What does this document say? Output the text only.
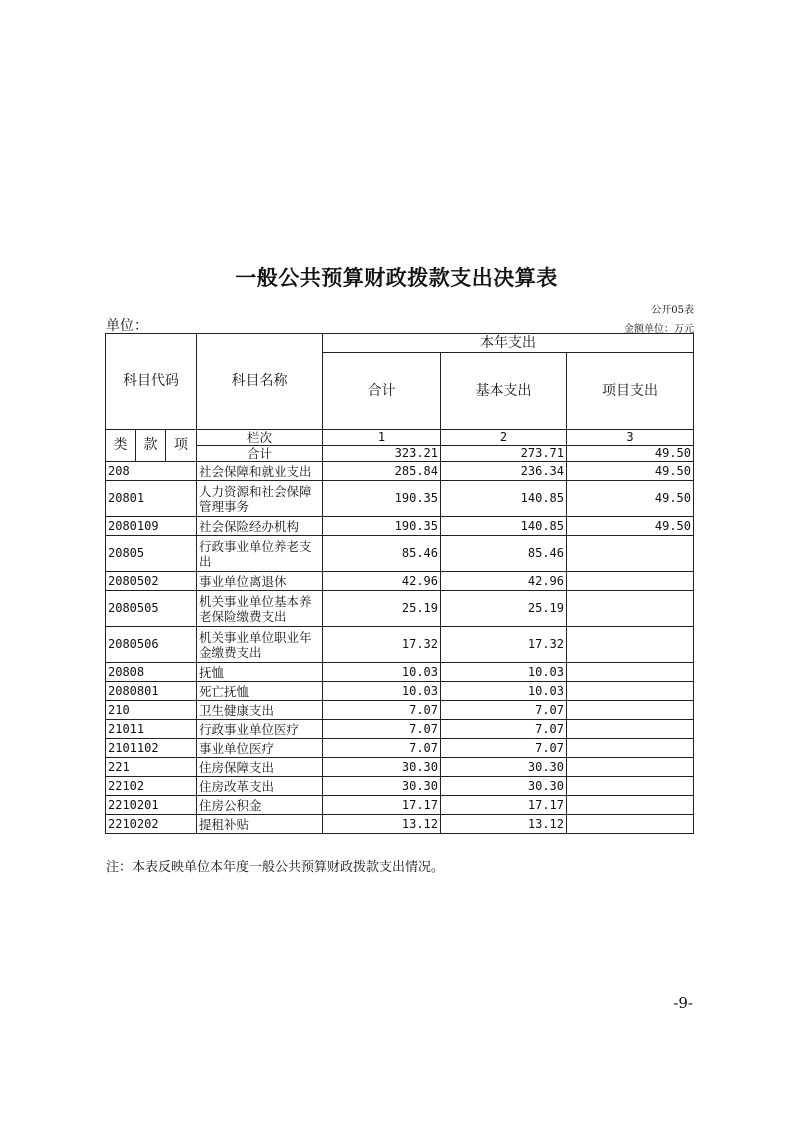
一般公共预算财政拨款支出决算表
公开05表
单位：	金额单位：万元
科目代码			科目名称	本年支出		
				合计	基本支出	项目支出
类	款	项	栏次	1	2	3
			合计	323.21	273.71	49.50
208			社会保障和就业支出	285.84	236.34	49.50
20801			人力资源和社会保障管理事务	190.35	140.85	49.50
2080109			社会保险经办机构	190.35	140.85	49.50
20805			行政事业单位养老支出	85.46	85.46	
2080502			事业单位离退休	42.96	42.96	
2080505			机关事业单位基本养老保险缴费支出	25.19	25.19	
2080506			机关事业单位职业年金缴费支出	17.32	17.32	
20808			抚恤	10.03	10.03	
2080801			死亡抚恤	10.03	10.03	
210			卫生健康支出	7.07	7.07	
21011			行政事业单位医疗	7.07	7.07	
2101102			事业单位医疗	7.07	7.07	
221			住房保障支出	30.30	30.30	
22102			住房改革支出	30.30	30.30	
2210201			住房公积金	17.17	17.17	
2210202			提租补贴	13.12	13.12	
注：本表反映单位本年度一般公共预算财政拨款支出情况。
-9-
